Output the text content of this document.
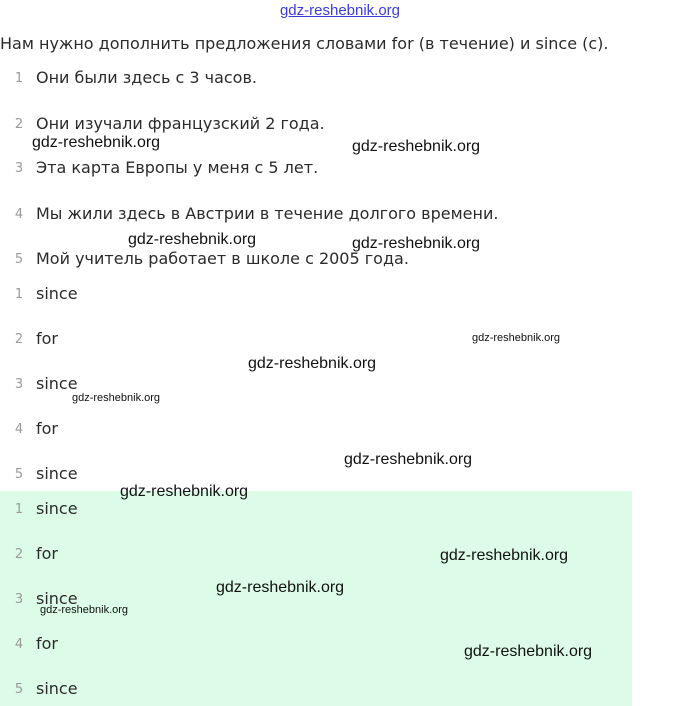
gdz-reshebnik.org
Нам нужно дополнить предложения словами for (в течение) и since (с).
1 Они были здесь с 3 часов.
2 Они изучали французский 2 года.
3 Эта карта Европы у меня с 5 лет.
4 Мы жили здесь в Австрии в течение долгого времени.
5 Мой учитель работает в школе с 2005 года.
1 since
2 for
3 since
4 for
5 since
1 since
2 for
3 since
4 for
5 since
gdz-reshebnik.org	gdz-reshebnik.org
gdz-reshebnik.org	gdz-reshebnik.org
gdz-reshebnik.org
gdz-reshebnik.org
gdz-reshebnik.org
gdz-reshebnik.org
gdz-reshebnik.org
gdz-reshebnik.org
gdz-reshebnik.org
gdz-reshebnik.org
gdz-reshebnik.org
